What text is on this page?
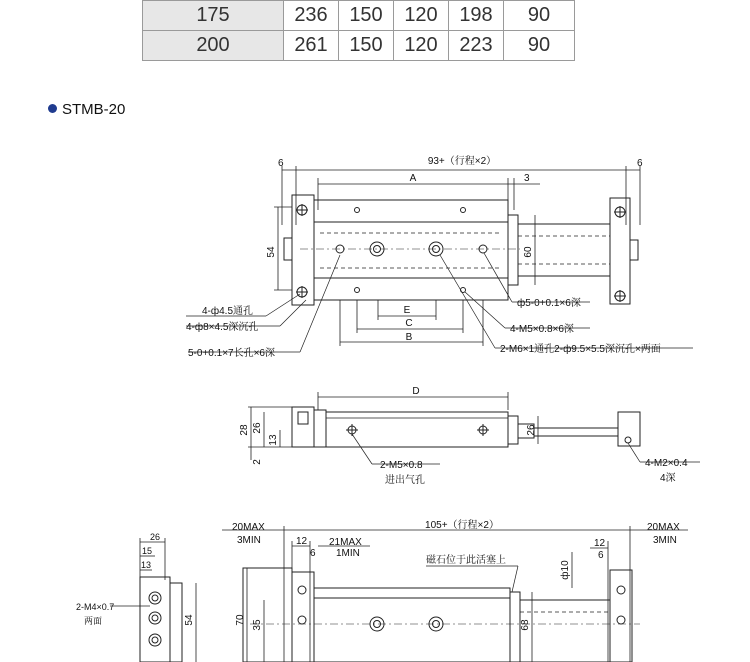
175	236	150	120	198	90
200	261	150	120	223	90
STMB-20
6	93+（行程×2）	6
A	3
54	60
E
C
B
4-ф4.5通孔
4-ф8×4.5深沉孔
5-0+0.1×7长孔×6深
ф5-0+0.1×6深
4-M5×0.8×6深
2-M6×1通孔2-ф9.5×5.5深沉孔×两面
D
28 26
13
2
26
2-M5×0.8
进出气孔
4-M2×0.4
4深
26
15
13
2-M4×0.7
两面	54
20MAX
3MIN
105+（行程×2）	20MAX
3MIN
12
6
21MAX
1MIN
12
6
磁石位于此活塞上	ф10
70 35	68
